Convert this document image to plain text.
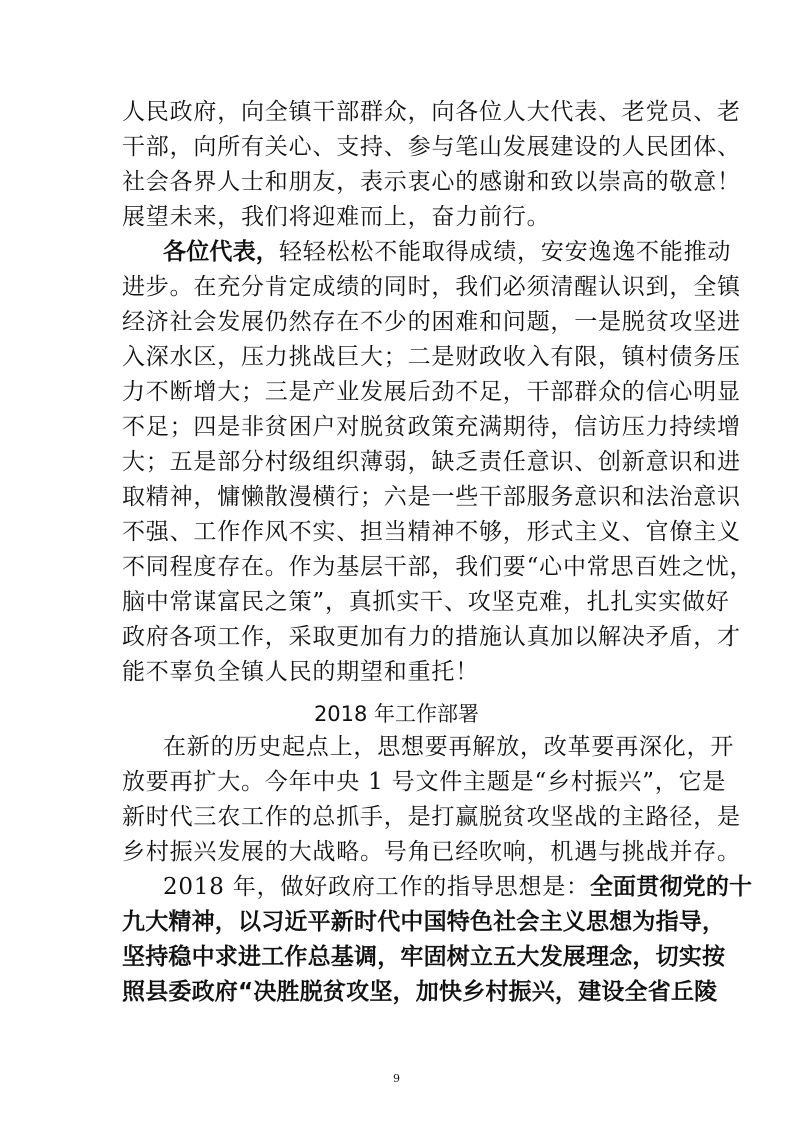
人民政府，向全镇干部群众，向各位人大代表、老党员、老
干部，向所有关心、支持、参与笔山发展建设的人民团体、
社会各界人士和朋友，表示衷心的感谢和致以崇高的敬意！
展望未来，我们将迎难而上，奋力前行。
各位代表，轻轻松松不能取得成绩，安安逸逸不能推动
进步。在充分肯定成绩的同时，我们必须清醒认识到，全镇
经济社会发展仍然存在不少的困难和问题，一是脱贫攻坚进
入深水区，压力挑战巨大；二是财政收入有限，镇村债务压
力不断增大；三是产业发展后劲不足，干部群众的信心明显
不足；四是非贫困户对脱贫政策充满期待，信访压力持续增
大；五是部分村级组织薄弱，缺乏责任意识、创新意识和进
取精神，慵懒散漫横行；六是一些干部服务意识和法治意识
不强、工作作风不实、担当精神不够，形式主义、官僚主义
不同程度存在。作为基层干部，我们要“心中常思百姓之忧，
脑中常谋富民之策”，真抓实干、攻坚克难，扎扎实实做好
政府各项工作，采取更加有力的措施认真加以解决矛盾，才
能不辜负全镇人民的期望和重托！
2018 年工作部署
在新的历史起点上，思想要再解放，改革要再深化，开
放要再扩大。今年中央 1 号文件主题是“乡村振兴”，它是
新时代三农工作的总抓手，是打赢脱贫攻坚战的主路径，是
乡村振兴发展的大战略。号角已经吹响，机遇与挑战并存。
2018 年，做好政府工作的指导思想是：全面贯彻党的十
九大精神，以习近平新时代中国特色社会主义思想为指导，
坚持稳中求进工作总基调，牢固树立五大发展理念，切实按
照县委政府“决胜脱贫攻坚，加快乡村振兴，建设全省丘陵
9
